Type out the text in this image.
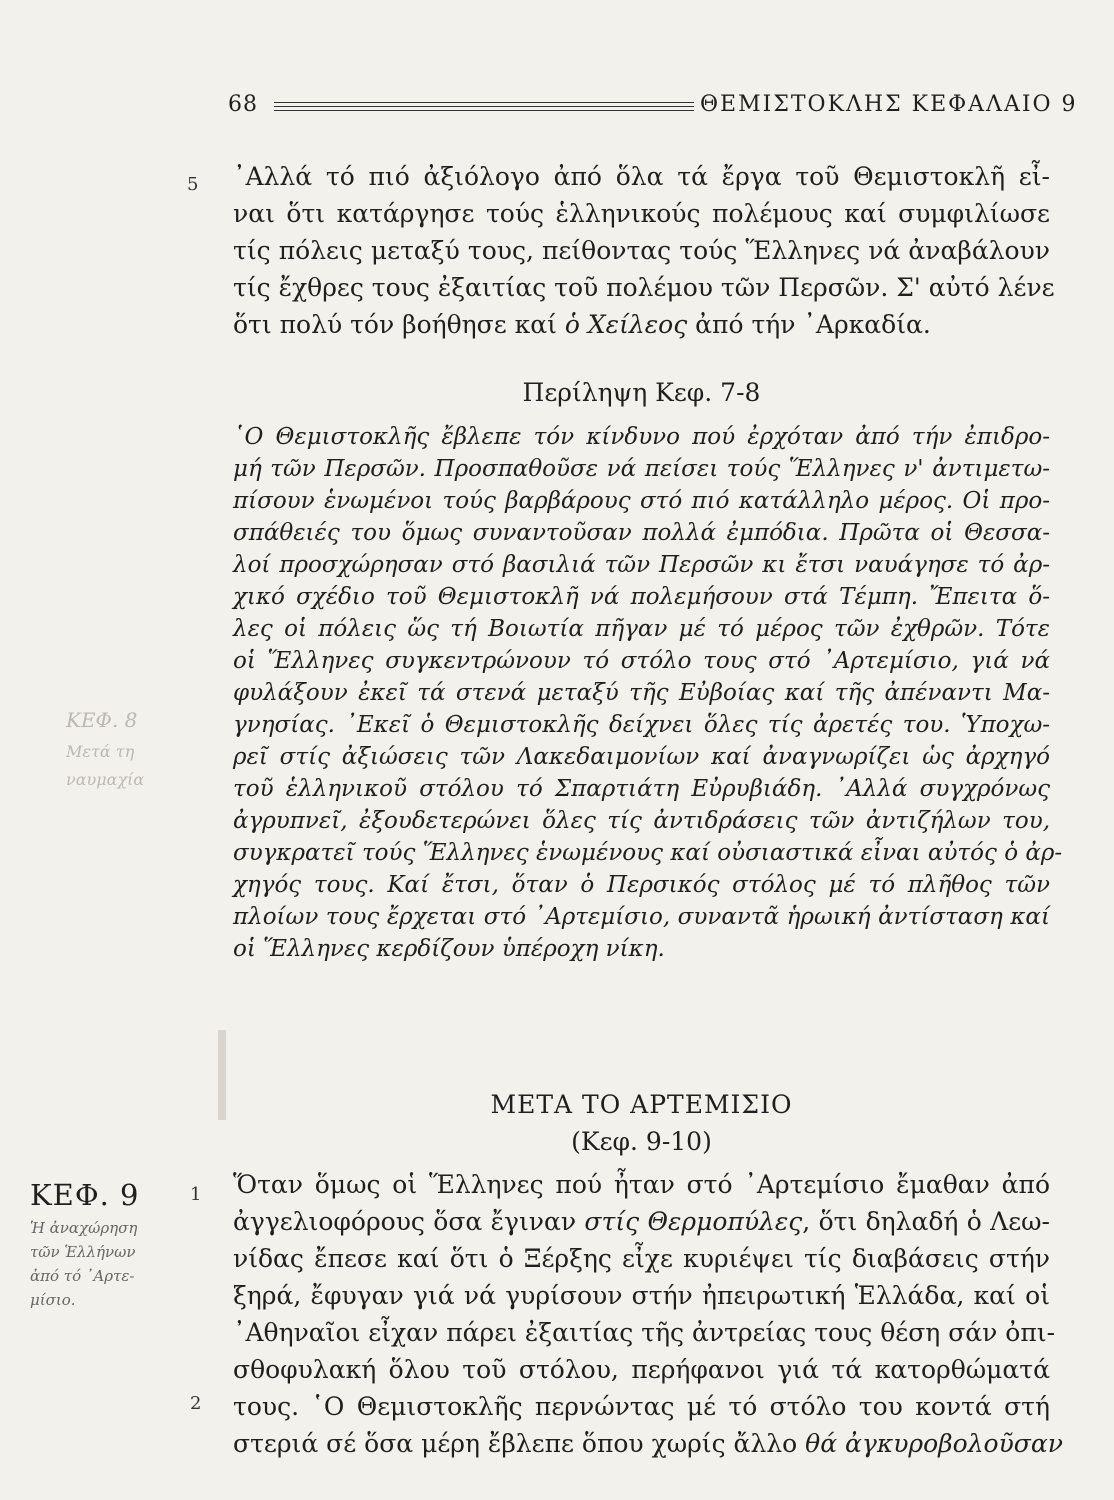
ΚΕΦ. 8
Μετά τη
ναυμαχία
68	ΘΕΜΙΣΤΟΚΛΗΣ ΚΕΦΑΛΑΙΟ 9
5 ᾿Αλλά τό πιό ἀξιόλογο ἀπό ὅλα τά ἔργα τοῦ Θεμιστοκλῆ εἶ-
ναι ὅτι κατάργησε τούς ἑλληνικούς πολέμους καί συμφιλίωσε
τίς πόλεις μεταξύ τους, πείθοντας τούς Ἕλληνες νά ἀναβάλουν
τίς ἔχθρες τους ἐξαιτίας τοῦ πολέμου τῶν Περσῶν. Σ' αὐτό λένε
ὅτι πολύ τόν βοήθησε καί ὁ Χείλεος ἀπό τήν ᾿Αρκαδία.
Περίληψη Κεφ. 7-8
῾Ο Θεμιστοκλῆς ἔβλεπε τόν κίνδυνο πού ἐρχόταν ἀπό τήν ἐπιδρο-
μή τῶν Περσῶν. Προσπαθοῦσε νά πείσει τούς Ἕλληνες ν' ἀντιμετω-
πίσουν ἑνωμένοι τούς βαρβάρους στό πιό κατάλληλο μέρος. Οἱ προ-
σπάθειές του ὅμως συναντοῦσαν πολλά ἐμπόδια. Πρῶτα οἱ Θεσσα-
λοί προσχώρησαν στό βασιλιά τῶν Περσῶν κι ἔτσι ναυάγησε τό ἀρ-
χικό σχέδιο τοῦ Θεμιστοκλῆ νά πολεμήσουν στά Τέμπη. Ἔπειτα ὅ-
λες οἱ πόλεις ὥς τή Βοιωτία πῆγαν μέ τό μέρος τῶν ἐχθρῶν. Τότε
οἱ Ἕλληνες συγκεντρώνουν τό στόλο τους στό ᾿Αρτεμίσιο, γιά νά
φυλάξουν ἐκεῖ τά στενά μεταξύ τῆς Εὐβοίας καί τῆς ἀπέναντι Μα-
γνησίας. ᾿Εκεῖ ὁ Θεμιστοκλῆς δείχνει ὅλες τίς ἀρετές του. Ὑποχω-
ρεῖ στίς ἀξιώσεις τῶν Λακεδαιμονίων καί ἀναγνωρίζει ὡς ἀρχηγό
τοῦ ἑλληνικοῦ στόλου τό Σπαρτιάτη Εὐρυβιάδη. ᾿Αλλά συγχρόνως
ἀγρυπνεῖ, ἐξουδετερώνει ὅλες τίς ἀντιδράσεις τῶν ἀντιζήλων του,
συγκρατεῖ τούς Ἕλληνες ἑνωμένους καί οὐσιαστικά εἶναι αὐτός ὁ ἀρ-
χηγός τους. Καί ἔτσι, ὅταν ὁ Περσικός στόλος μέ τό πλῆθος τῶν
πλοίων τους ἔρχεται στό ᾿Αρτεμίσιο, συναντᾶ ἡρωική ἀντίσταση καί
οἱ Ἕλληνες κερδίζουν ὑπέροχη νίκη.
ΜΕΤΑ ΤΟ ΑΡΤΕΜΙΣΙΟ
(Κεφ. 9-10)
ΚΕΦ. 9
Ἡ ἀναχώρηση
τῶν Ἑλλήνων
ἀπό τό ᾿Αρτε-
μίσιο.
1
2
Ὅταν ὅμως οἱ Ἕλληνες πού ἦταν στό ᾿Αρτεμίσιο ἔμαθαν ἀπό
ἀγγελιοφόρους ὅσα ἔγιναν στίς Θερμοπύλες, ὅτι δηλαδή ὁ Λεω-
νίδας ἔπεσε καί ὅτι ὁ Ξέρξης εἶχε κυριέψει τίς διαβάσεις στήν
ξηρά, ἔφυγαν γιά νά γυρίσουν στήν ἠπειρωτική Ἑλλάδα, καί οἱ
᾿Αθηναῖοι εἶχαν πάρει ἐξαιτίας τῆς ἀντρείας τους θέση σάν ὀπι-
σθοφυλακή ὅλου τοῦ στόλου, περήφανοι γιά τά κατορθώματά
τους. ῾Ο Θεμιστοκλῆς περνώντας μέ τό στόλο του κοντά στή
στεριά σέ ὅσα μέρη ἔβλεπε ὅπου χωρίς ἄλλο θά ἀγκυροβολοῦσαν
